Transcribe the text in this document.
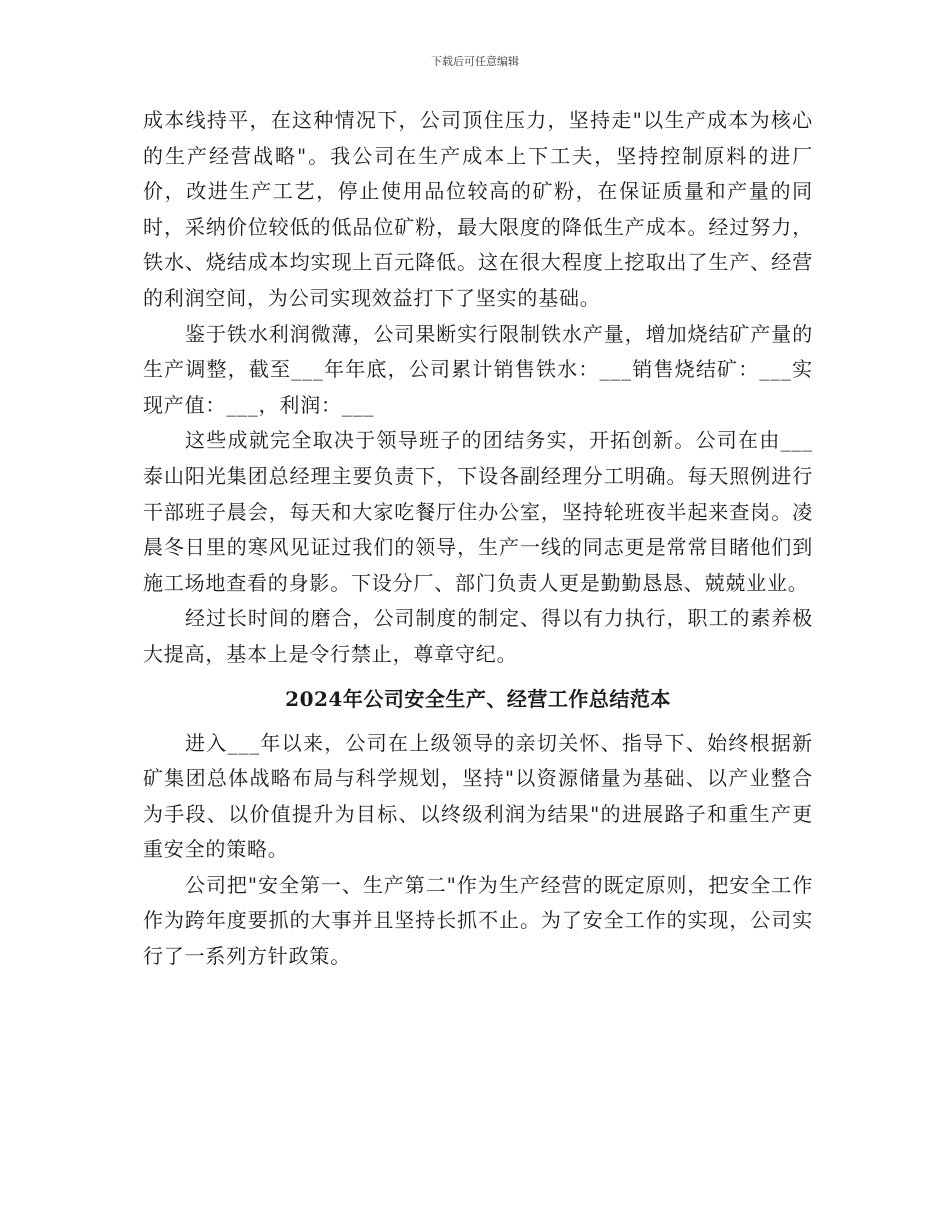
下载后可任意编辑

成本线持平，在这种情况下，公司顶住压力，坚持走"以生产成本为核心的生产经营战略"。我公司在生产成本上下工夫，坚持控制原料的进厂价，改进生产工艺，停止使用品位较高的矿粉，在保证质量和产量的同时，采纳价位较低的低品位矿粉，最大限度的降低生产成本。经过努力，铁水、烧结成本均实现上百元降低。这在很大程度上挖取出了生产、经营的利润空间，为公司实现效益打下了坚实的基础。

鉴于铁水利润微薄，公司果断实行限制铁水产量，增加烧结矿产量的生产调整，截至___年年底，公司累计销售铁水：___销售烧结矿：___实现产值：___，利润：___

这些成就完全取决于领导班子的团结务实，开拓创新。公司在由___泰山阳光集团总经理主要负责下，下设各副经理分工明确。每天照例进行干部班子晨会，每天和大家吃餐厅住办公室，坚持轮班夜半起来查岗。凌晨冬日里的寒风见证过我们的领导，生产一线的同志更是常常目睹他们到施工场地查看的身影。下设分厂、部门负责人更是勤勤恳恳、兢兢业业。

经过长时间的磨合，公司制度的制定、得以有力执行，职工的素养极大提高，基本上是令行禁止，尊章守纪。

2024年公司安全生产、经营工作总结范本

进入___年以来，公司在上级领导的亲切关怀、指导下、始终根据新矿集团总体战略布局与科学规划，坚持"以资源储量为基础、以产业整合为手段、以价值提升为目标、以终级利润为结果"的进展路子和重生产更重安全的策略。

公司把"安全第一、生产第二"作为生产经营的既定原则，把安全工作作为跨年度要抓的大事并且坚持长抓不止。为了安全工作的实现，公司实行了一系列方针政策。
